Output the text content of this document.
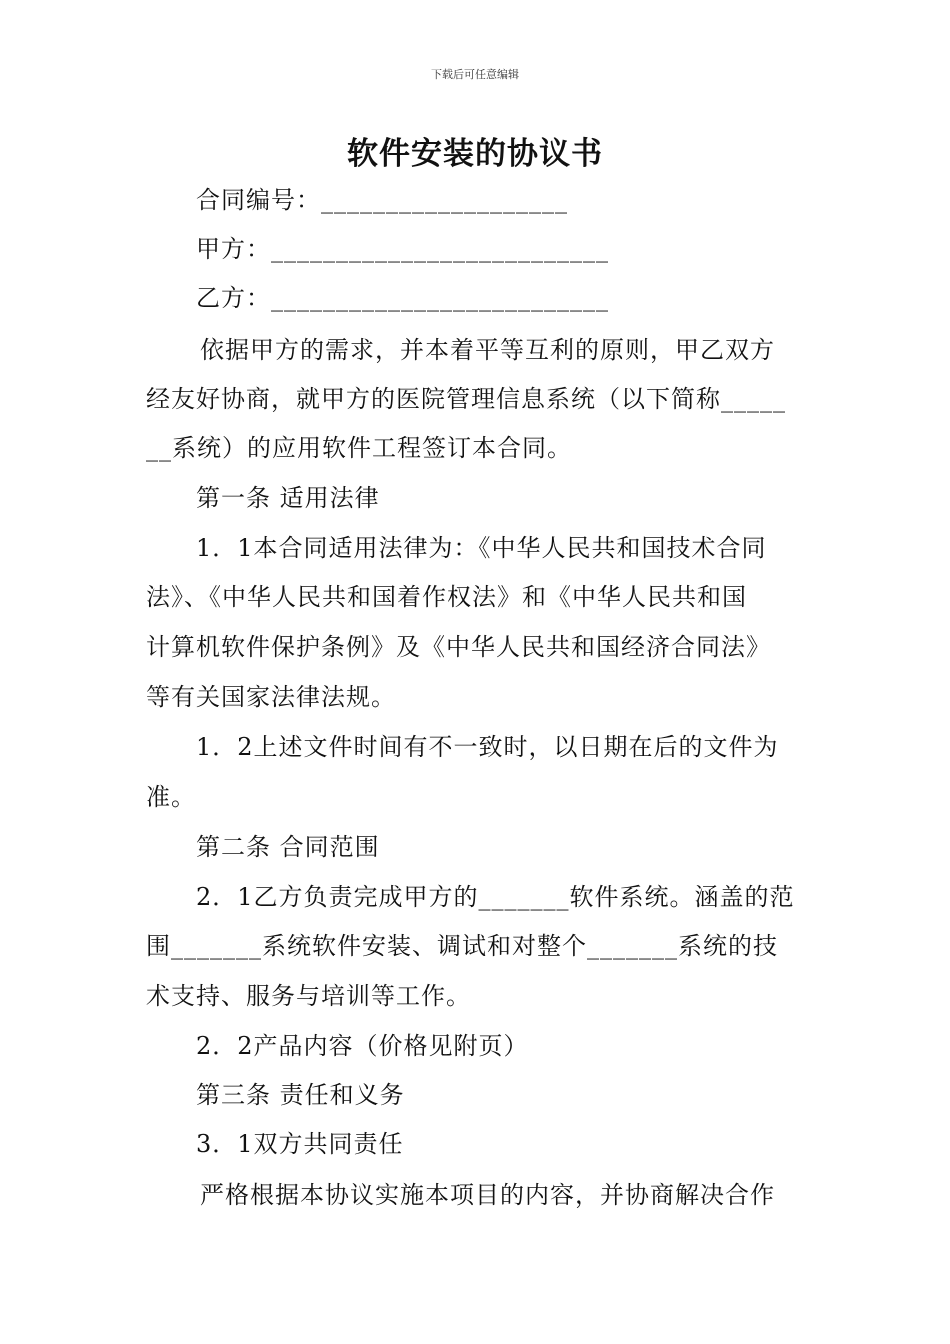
下载后可任意编辑
软件安装的协议书
合同编号：___________________
甲方：__________________________
乙方：__________________________
依据甲方的需求，并本着平等互利的原则，甲乙双方
经友好协商，就甲方的医院管理信息系统（以下简称_____
__系统）的应用软件工程签订本合同。
第一条 适用法律
1．1本合同适用法律为：《中华人民共和国技术合同
法》、《中华人民共和国着作权法》和《中华人民共和国
计算机软件保护条例》及《中华人民共和国经济合同法》
等有关国家法律法规。
1．2上述文件时间有不一致时，以日期在后的文件为
准。
第二条 合同范围
2．1乙方负责完成甲方的_______软件系统。涵盖的范
围_______系统软件安装、调试和对整个_______系统的技
术支持、服务与培训等工作。
2．2产品内容（价格见附页）
第三条 责任和义务
3．1双方共同责任
严格根据本协议实施本项目的内容，并协商解决合作
